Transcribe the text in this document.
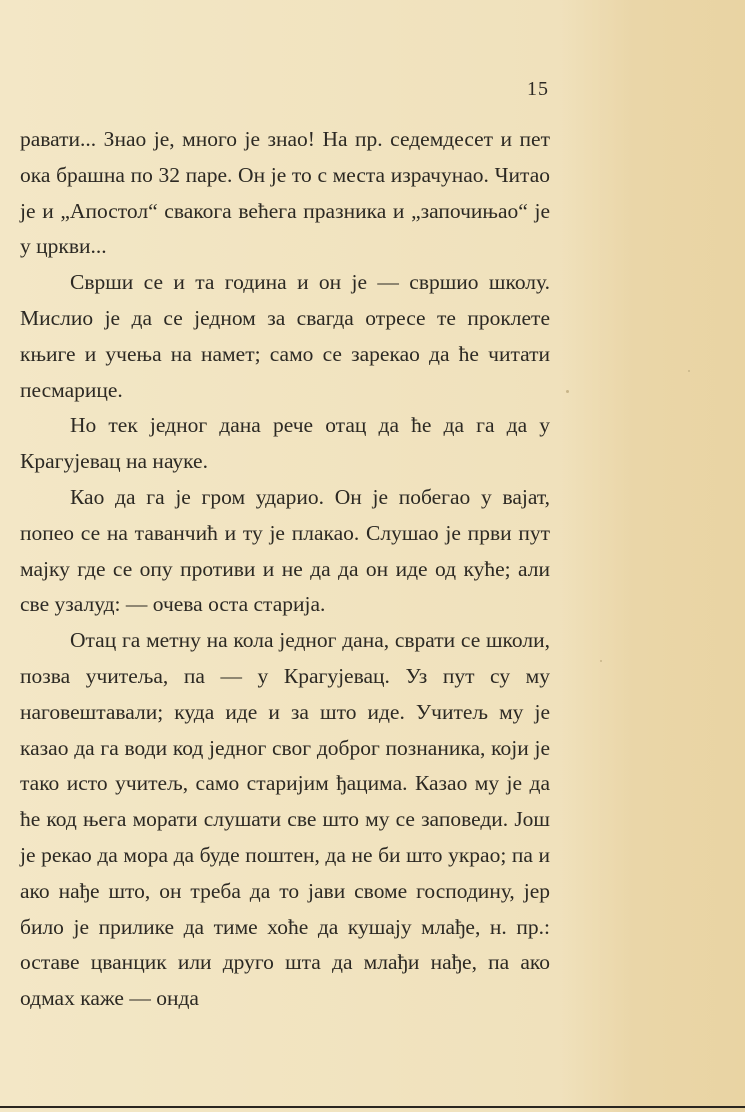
15

равати... Знао је, много је знао! На пр. седемдесет и пет ока брашна по 32 паре. Он је то с места израчунао. Читао је и „Апостол“ свакога већега празника и „започињао“ је у цркви...

Сврши се и та година и он је — свршио школу. Мислио је да се једном за свагда отресе те проклете књиге и учења на намет; само се зарекао да ће читати песмарице.

Но тек једног дана рече отац да ће да га да у Крагујевац на науке.

Као да га је гром ударио. Он је побегао у вајат, попео се на таванчић и ту је плакао. Слушао је први пут мајку где се опу противи и не да да он иде од куће; али све узалуд: — очева оста старија.

Отац га метну на кола једног дана, сврати се школи, позва учитеља, па — у Крагујевац. Уз пут су му наговештавали; куда иде и за што иде. Учитељ му је казао да га води код једног свог доброг познаника, који је тако исто учитељ, само старијим ђацима. Казао му је да ће код њега морати слушати све што му се заповеди. Још је рекао да мора да буде поштен, да не би што украо; па и ако нађе што, он треба да то јави своме господину, јер било је прилике да тиме хоће да кушају млађе, н. пр.: оставе цванцик или друго шта да млађи нађе, па ако одмах каже — онда
